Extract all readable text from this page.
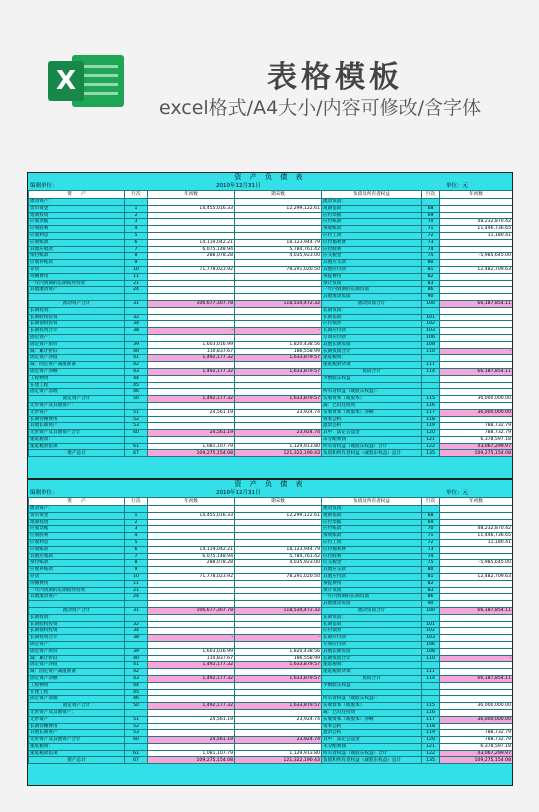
X	表格模板
excel格式/A4大小/内容可修改/含字体
资 产 负 债 表
编制单位：	2010年12月31日	单位：元
资　　产	行次	年初数	期末数	负债及所有者权益	行次	年初数
流动资产：				流动负债：		
货币资金	1	14,455,016.33	12,299,122.61	短期借款	68	
短期投资	2			应付票据	69	
应收票据	3			应付账款	70	48,232,870.42
应收股利	4			预收账款	71	11,446,736.65
应收利息	5			应付工资	72	11,180.41
应收账款	6	14,119,042.21	18,123,944.79	应付福利费	73	
其他应收款	7	6,075,148.94	5,784,761.42	应付股利	74	
预付账款	8	288,078.28	4,035,923.00	应交税金	75	-5,985,645.00
应收补贴款	9			其他应交款	80	
存货	10	71,778,023.92	78,291,020.50	其他应付款	81	12,482,709.63
待摊费用	11			预提费用	82	
一年内到期的长期债券投资	21			预计负债	83	
其他流动资产	24			一年内到期的长期负债	86	
				其他流动负债	90	
流动资产合计	31	106,677,307.78	118,534,472.32	流动负债合计	100	66,187,854.11
长期投资：				长期负债：		
长期股权投资	32			长期借款	101	
长期债权投资	34			应付债券	102	
长期投资合计	38	-	-	长期应付款	103	
固定资产：				专项应付款	106	
固定资产原价	39	1,603,016.99	1,820,438.56	其他长期负债	108	
减：累计折旧	40	110,837.67	186,558.99	长期负债合计	110	-
固定资产净值	41	1,492,177.32	1,633,879.57	递延税项：		
减：固定资产减值准备	42			递延税款贷项	111	
固定资产净额	43	1,492,177.32	1,633,879.57	负债合计	114	66,187,854.11
工程物资	44			少数股东权益		
在建工程	45					
固定资产清理	46			所有者权益（或股东权益）：		
固定资产合计	50	1,492,177.32	1,633,879.57	实收资本（或股本）	115	36,000,000.00
无形资产及其他资产：				减：已归还投资	116	
无形资产	51	24,561.19	23,924.74	实收资本（或股本）净额	117	36,000,000.00
长期待摊费用	52			资本公积	118	
其他长期资产	53			盈余公积	119	788,732.79
无形资产及其他资产合计	60	24,561.19	23,924.74	其中：法定公益金	120	788,732.79
递延税项：				未分配利润	121	6,378,597.18
递延税款借项	61	1,081,107.79	1,129,913.80	所有者权益（或股东权益）合计	122	43,067,299.97
资产总计	67	109,275,154.08	121,322,190.43	负债和所有者权益（或股东权益）总计	135	109,275,154.08
资 产 负 债 表
编制单位：	2010年12月31日	单位：元
资　　产	行次	年初数	期末数	负债及所有者权益	行次	年初数
流动资产：				流动负债：		
货币资金	1	14,455,016.33	12,299,122.61	短期借款	68	
短期投资	2			应付票据	69	
应收票据	3			应付账款	70	48,232,870.42
应收股利	4			预收账款	71	11,446,736.65
应收利息	5			应付工资	72	11,180.41
应收账款	6	14,119,042.21	18,123,944.79	应付福利费	73	
其他应收款	7	6,075,148.94	5,784,761.42	应付股利	74	
预付账款	8	288,078.28	4,035,923.00	应交税金	75	-5,985,645.00
应收补贴款	9			其他应交款	80	
存货	10	71,778,023.92	78,291,020.50	其他应付款	81	12,482,709.63
待摊费用	11			预提费用	82	
一年内到期的长期债券投资	21			预计负债	83	
其他流动资产	24			一年内到期的长期负债	86	
				其他流动负债	90	
流动资产合计	31	106,677,307.78	118,534,472.32	流动负债合计	100	66,187,854.11
长期投资：				长期负债：		
长期股权投资	32			长期借款	101	
长期债权投资	34			应付债券	102	
长期投资合计	38	-	-	长期应付款	103	
固定资产：				专项应付款	106	
固定资产原价	39	1,603,016.99	1,820,438.56	其他长期负债	108	
减：累计折旧	40	110,837.67	186,558.99	长期负债合计	110	-
固定资产净值	41	1,492,177.32	1,633,879.57	递延税项：		
减：固定资产减值准备	42			递延税款贷项	111	
固定资产净额	43	1,492,177.32	1,633,879.57	负债合计	114	66,187,854.11
工程物资	44			少数股东权益		
在建工程	45					
固定资产清理	46			所有者权益（或股东权益）：		
固定资产合计	50	1,492,177.32	1,633,879.57	实收资本（或股本）	115	36,000,000.00
无形资产及其他资产：				减：已归还投资	116	
无形资产	51	24,561.19	23,924.74	实收资本（或股本）净额	117	36,000,000.00
长期待摊费用	52			资本公积	118	
其他长期资产	53			盈余公积	119	788,732.79
无形资产及其他资产合计	60	24,561.19	23,924.74	其中：法定公益金	120	788,732.79
递延税项：				未分配利润	121	6,378,597.18
递延税款借项	61	1,081,107.79	1,129,913.80	所有者权益（或股东权益）合计	122	43,067,299.97
资产总计	67	109,275,154.08	121,322,190.43	负债和所有者权益（或股东权益）总计	135	109,275,154.08
